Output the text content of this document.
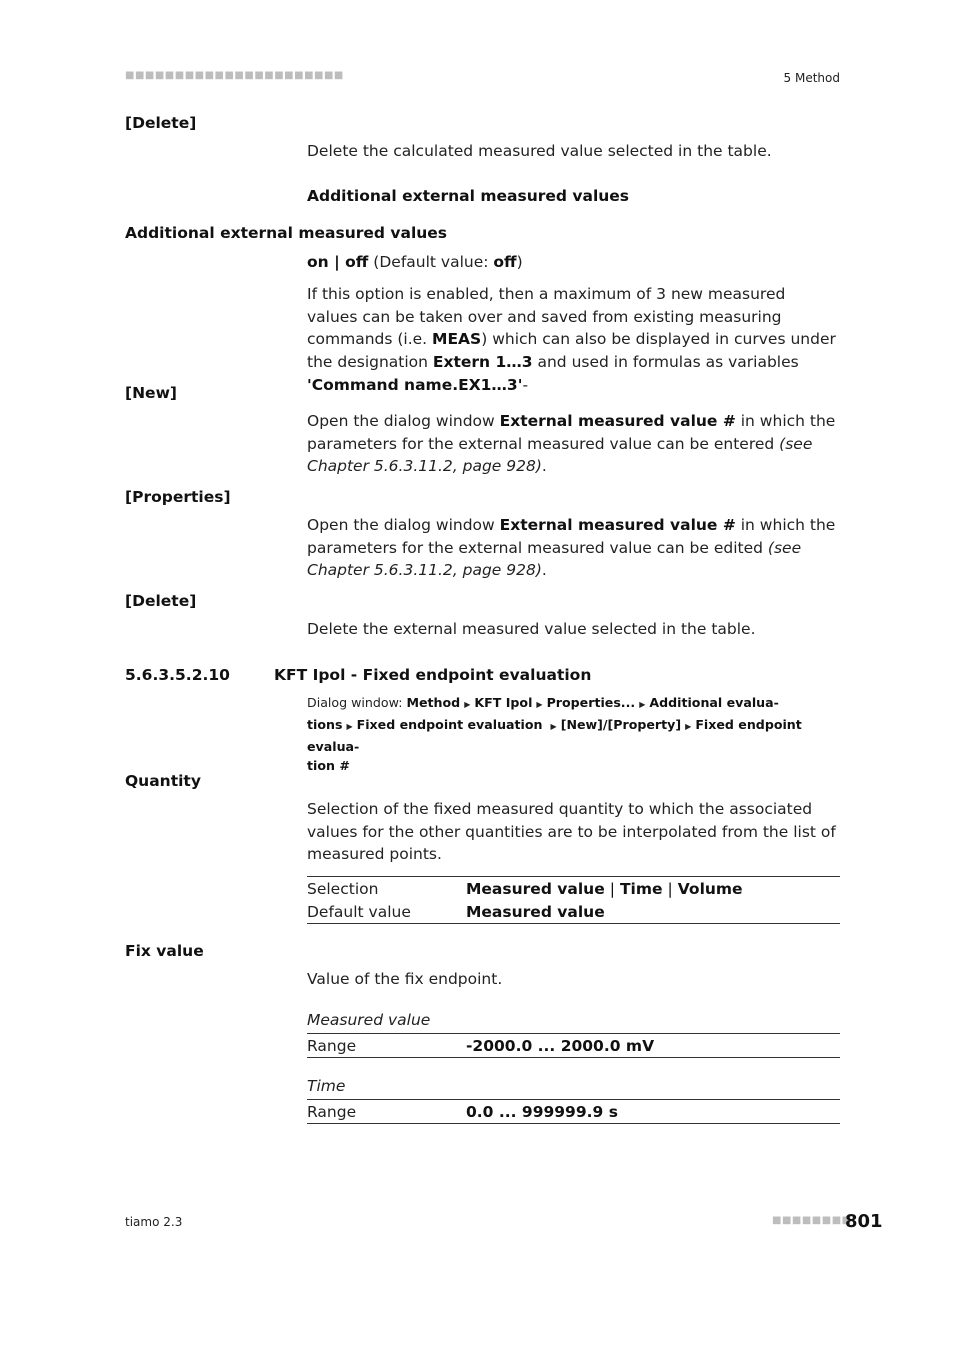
■■■■■■■■■■■■■■■■■■■■■■	5 Method
[Delete]
Delete the calculated measured value selected in the table.
Additional external measured values
Additional external measured values
on | off (Default value: off)
If this option is enabled, then a maximum of 3 new measured values can be taken over and saved from existing measuring commands (i.e. MEAS) which can also be displayed in curves under the designation Extern 1…3 and used in formulas as variables 'Command name.EX1…3'-
[New]
Open the dialog window External measured value # in which the parameters for the external measured value can be entered (see Chapter 5.6.3.11.2, page 928).
[Properties]
Open the dialog window External measured value # in which the parameters for the external measured value can be edited (see Chapter 5.6.3.11.2, page 928).
[Delete]
Delete the external measured value selected in the table.
5.6.3.5.2.10	KFT Ipol - Fixed endpoint evaluation
Dialog window: Method ▶ KFT Ipol ▶ Properties... ▶ Additional evalua-
tions ▶ Fixed endpoint evaluation ▶ [New]/[Property] ▶ Fixed endpoint evalua-
tion #
Quantity
Selection of the fixed measured quantity to which the associated values for the other quantities are to be interpolated from the list of measured points.
Selection	Measured value | Time | Volume
Default value	Measured value
Fix value
Value of the fix endpoint.
Measured value
Range	-2000.0 ... 2000.0 mV
Time
Range	0.0 ... 999999.9 s
tiamo 2.3	■■■■■■■■
801
